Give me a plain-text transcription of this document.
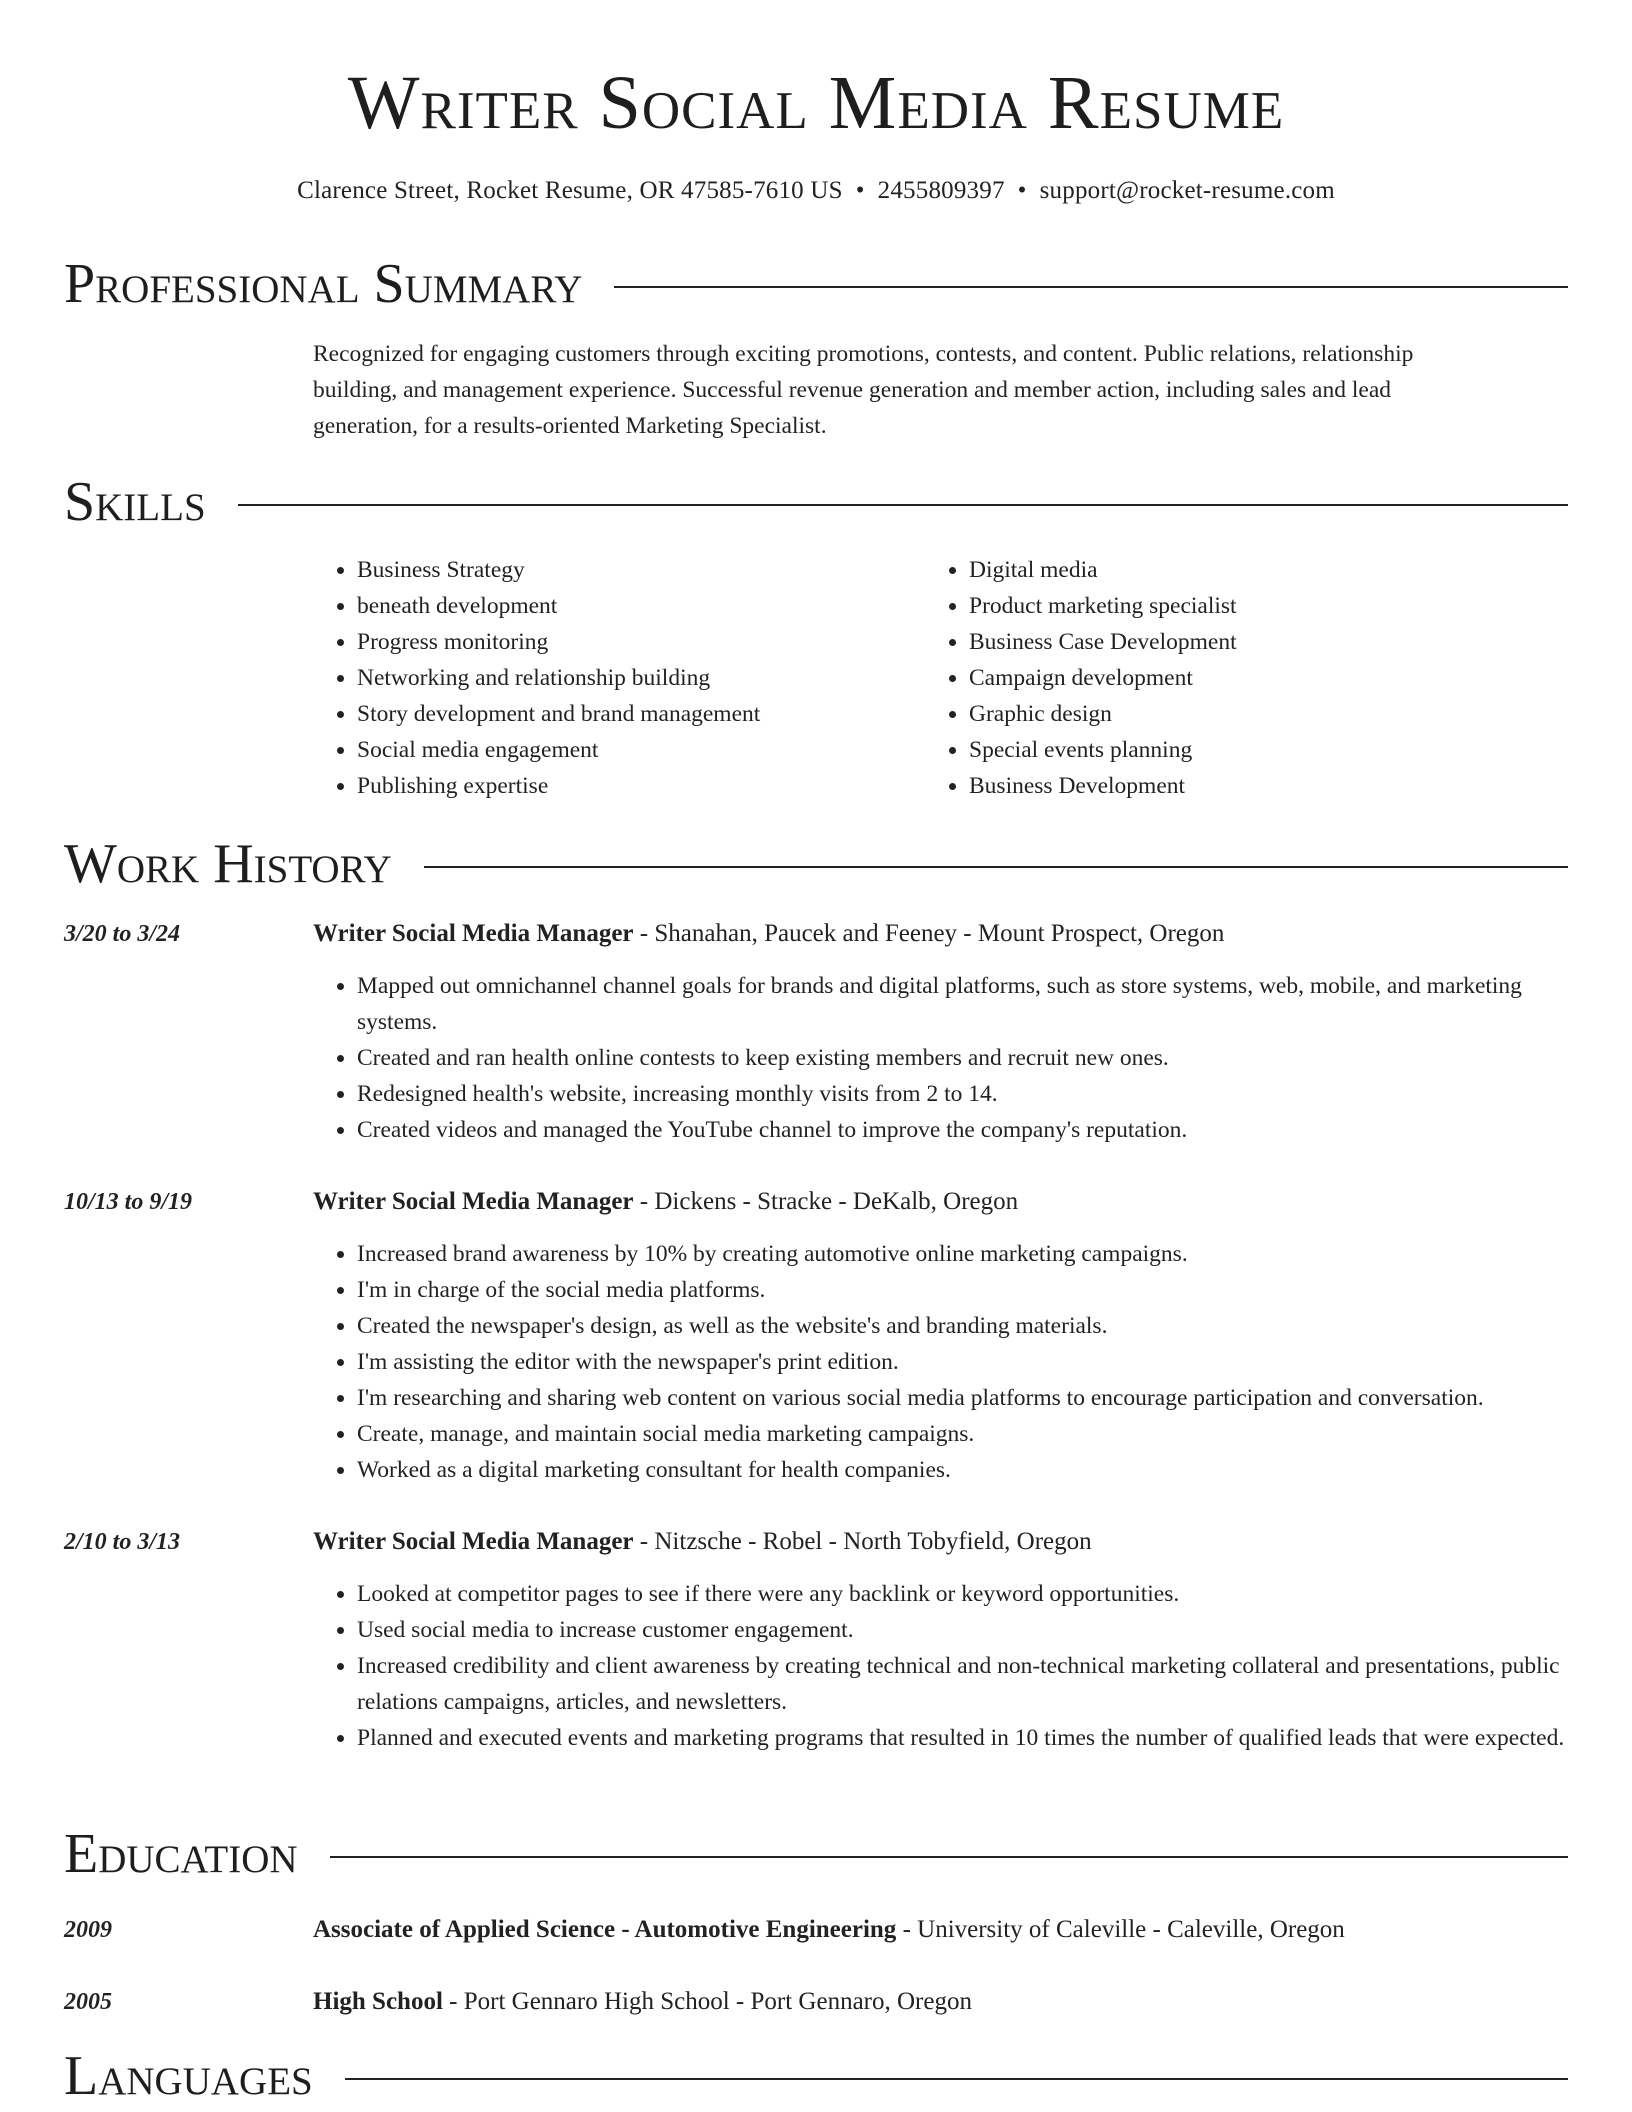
Writer Social Media Resume
Clarence Street, Rocket Resume, OR 47585-7610 US • 2455809397 • support@rocket-resume.com
Professional Summary
Recognized for engaging customers through exciting promotions, contests, and content. Public relations, relationship building, and management experience. Successful revenue generation and member action, including sales and lead generation, for a results-oriented Marketing Specialist.
Skills
• Business Strategy
• beneath development
• Progress monitoring
• Networking and relationship building
• Story development and brand management
• Social media engagement
• Publishing expertise
• Digital media
• Product marketing specialist
• Business Case Development
• Campaign development
• Graphic design
• Special events planning
• Business Development
Work History
3/20 to 3/24	Writer Social Media Manager - Shanahan, Paucek and Feeney - Mount Prospect, Oregon
• Mapped out omnichannel channel goals for brands and digital platforms, such as store systems, web, mobile, and marketing systems.
• Created and ran health online contests to keep existing members and recruit new ones.
• Redesigned health's website, increasing monthly visits from 2 to 14.
• Created videos and managed the YouTube channel to improve the company's reputation.
10/13 to 9/19	Writer Social Media Manager - Dickens - Stracke - DeKalb, Oregon
• Increased brand awareness by 10% by creating automotive online marketing campaigns.
• I'm in charge of the social media platforms.
• Created the newspaper's design, as well as the website's and branding materials.
• I'm assisting the editor with the newspaper's print edition.
• I'm researching and sharing web content on various social media platforms to encourage participation and conversation.
• Create, manage, and maintain social media marketing campaigns.
• Worked as a digital marketing consultant for health companies.
2/10 to 3/13	Writer Social Media Manager - Nitzsche - Robel - North Tobyfield, Oregon
• Looked at competitor pages to see if there were any backlink or keyword opportunities.
• Used social media to increase customer engagement.
• Increased credibility and client awareness by creating technical and non-technical marketing collateral and presentations, public relations campaigns, articles, and newsletters.
• Planned and executed events and marketing programs that resulted in 10 times the number of qualified leads that were expected.
Education
2009	Associate of Applied Science - Automotive Engineering - University of Caleville - Caleville, Oregon
2005	High School - Port Gennaro High School - Port Gennaro, Oregon
Languages
